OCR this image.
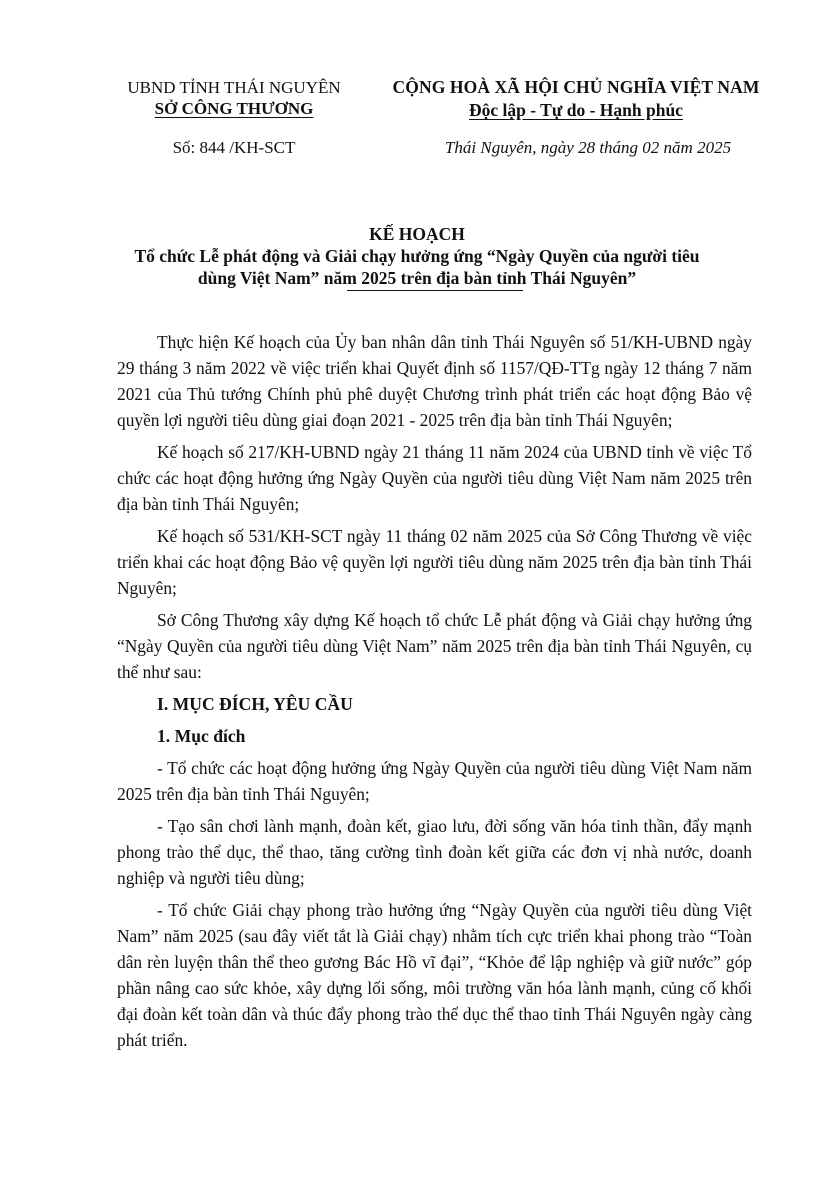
UBND TỈNH THÁI NGUYÊN
SỞ CÔNG THƯƠNG
Số: 844 /KH-SCT
CỘNG HOÀ XÃ HỘI CHỦ NGHĨA VIỆT NAM
Độc lập - Tự do - Hạnh phúc
Thái Nguyên, ngày 28 tháng 02 năm 2025
KẾ HOẠCH
Tổ chức Lễ phát động và Giải chạy hưởng ứng “Ngày Quyền của người tiêu
dùng Việt Nam” năm 2025 trên địa bàn tỉnh Thái Nguyên”

Thực hiện Kế hoạch của Ủy ban nhân dân tỉnh Thái Nguyên số 51/KH-UBND ngày 29 tháng 3 năm 2022 về việc triển khai Quyết định số 1157/QĐ-TTg ngày 12 tháng 7 năm 2021 của Thủ tướng Chính phủ phê duyệt Chương trình phát triển các hoạt động Bảo vệ quyền lợi người tiêu dùng giai đoạn 2021 - 2025 trên địa bàn tỉnh Thái Nguyên;

Kế hoạch số 217/KH-UBND ngày 21 tháng 11 năm 2024 của UBND tỉnh về việc Tổ chức các hoạt động hưởng ứng Ngày Quyền của người tiêu dùng Việt Nam năm 2025 trên địa bàn tỉnh Thái Nguyên;

Kế hoạch số 531/KH-SCT ngày 11 tháng 02 năm 2025 của Sở Công Thương về việc triển khai các hoạt động Bảo vệ quyền lợi người tiêu dùng năm 2025 trên địa bàn tỉnh Thái Nguyên;

Sở Công Thương xây dựng Kế hoạch tổ chức Lễ phát động và Giải chạy hưởng ứng “Ngày Quyền của người tiêu dùng Việt Nam” năm 2025 trên địa bàn tỉnh Thái Nguyên, cụ thể như sau:

I. MỤC ĐÍCH, YÊU CẦU

1. Mục đích

- Tổ chức các hoạt động hưởng ứng Ngày Quyền của người tiêu dùng Việt Nam năm 2025 trên địa bàn tỉnh Thái Nguyên;

- Tạo sân chơi lành mạnh, đoàn kết, giao lưu, đời sống văn hóa tinh thần, đẩy mạnh phong trào thể dục, thể thao, tăng cường tình đoàn kết giữa các đơn vị nhà nước, doanh nghiệp và người tiêu dùng;

- Tổ chức Giải chạy phong trào hưởng ứng “Ngày Quyền của người tiêu dùng Việt Nam” năm 2025 (sau đây viết tắt là Giải chạy) nhằm tích cực triển khai phong trào “Toàn dân rèn luyện thân thể theo gương Bác Hồ vĩ đại”, “Khỏe để lập nghiệp và giữ nước” góp phần nâng cao sức khỏe, xây dựng lối sống, môi trường văn hóa lành mạnh, củng cố khối đại đoàn kết toàn dân và thúc đẩy phong trào thể dục thể thao tỉnh Thái Nguyên ngày càng phát triển.
